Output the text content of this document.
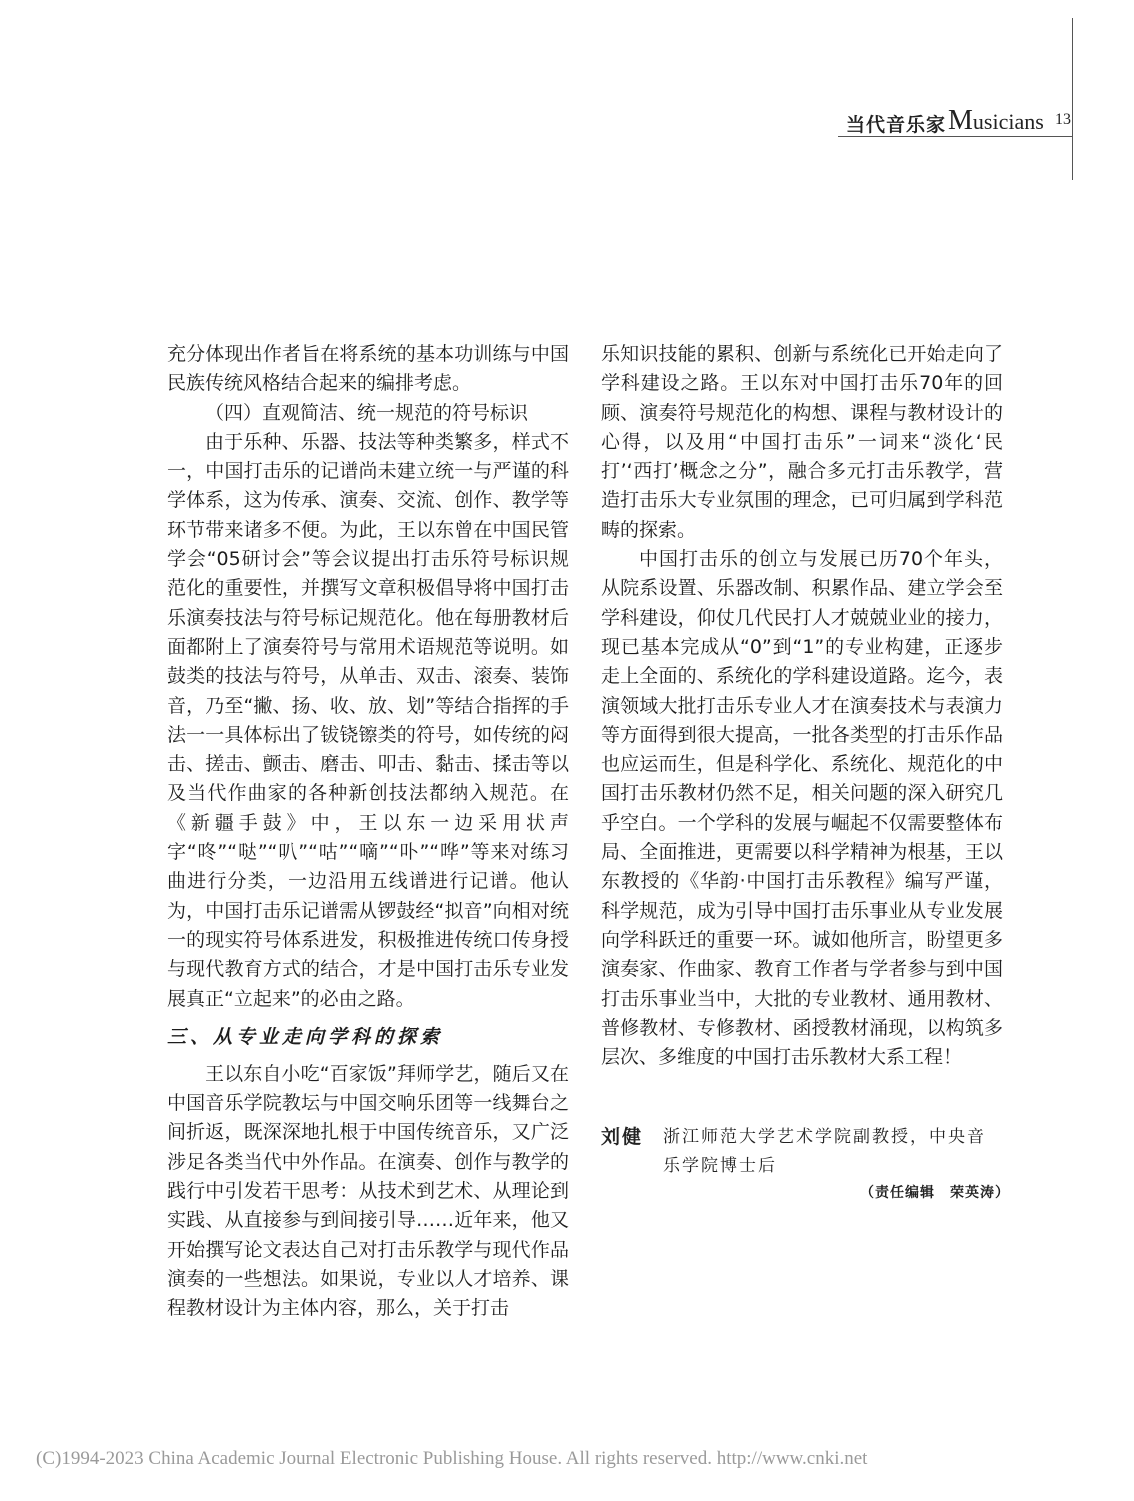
当代音乐家 Musicians 13

充分体现出作者旨在将系统的基本功训练与中国民族传统风格结合起来的编排考虑。

（四）直观简洁、统一规范的符号标识

由于乐种、乐器、技法等种类繁多，样式不一，中国打击乐的记谱尚未建立统一与严谨的科学体系，这为传承、演奏、交流、创作、教学等环节带来诸多不便。为此，王以东曾在中国民管学会“05研讨会”等会议提出打击乐符号标识规范化的重要性，并撰写文章积极倡导将中国打击乐演奏技法与符号标记规范化。他在每册教材后面都附上了演奏符号与常用术语规范等说明。如鼓类的技法与符号，从单击、双击、滚奏、装饰音，乃至“撇、扬、收、放、划”等结合指挥的手法一一具体标出了钹铙镲类的符号，如传统的闷击、搓击、颤击、磨击、叩击、黏击、揉击等以及当代作曲家的各种新创技法都纳入规范。在《新疆手鼓》中，王以东一边采用状声字“咚”“哒”“叭”“咕”“嘀”“卟”“哗”等来对练习曲进行分类，一边沿用五线谱进行记谱。他认为，中国打击乐记谱需从锣鼓经“拟音”向相对统一的现实符号体系进发，积极推进传统口传身授与现代教育方式的结合，才是中国打击乐专业发展真正“立起来”的必由之路。

三、从专业走向学科的探索

王以东自小吃“百家饭”拜师学艺，随后又在中国音乐学院教坛与中国交响乐团等一线舞台之间折返，既深深地扎根于中国传统音乐，又广泛涉足各类当代中外作品。在演奏、创作与教学的践行中引发若干思考：从技术到艺术、从理论到实践、从直接参与到间接引导……近年来，他又开始撰写论文表达自己对打击乐教学与现代作品演奏的一些想法。如果说，专业以人才培养、课程教材设计为主体内容，那么，关于打击

乐知识技能的累积、创新与系统化已开始走向了学科建设之路。王以东对中国打击乐70年的回顾、演奏符号规范化的构想、课程与教材设计的心得，以及用“中国打击乐”一词来“淡化‘民打’‘西打’概念之分”，融合多元打击乐教学，营造打击乐大专业氛围的理念，已可归属到学科范畴的探索。

中国打击乐的创立与发展已历70个年头，从院系设置、乐器改制、积累作品、建立学会至学科建设，仰仗几代民打人才兢兢业业的接力，现已基本完成从“0”到“1”的专业构建，正逐步走上全面的、系统化的学科建设道路。迄今，表演领域大批打击乐专业人才在演奏技术与表演力等方面得到很大提高，一批各类型的打击乐作品也应运而生，但是科学化、系统化、规范化的中国打击乐教材仍然不足，相关问题的深入研究几乎空白。一个学科的发展与崛起不仅需要整体布局、全面推进，更需要以科学精神为根基，王以东教授的《华韵·中国打击乐教程》编写严谨，科学规范，成为引导中国打击乐事业从专业发展向学科跃迁的重要一环。诚如他所言，盼望更多演奏家、作曲家、教育工作者与学者参与到中国打击乐事业当中，大批的专业教材、通用教材、普修教材、专修教材、函授教材涌现，以构筑多层次、多维度的中国打击乐教材大系工程！

刘健 浙江师范大学艺术学院副教授，中央音乐学院博士后
（责任编辑　荣英涛）
(C)1994-2023 China Academic Journal Electronic Publishing House. All rights reserved. http://www.cnki.net
